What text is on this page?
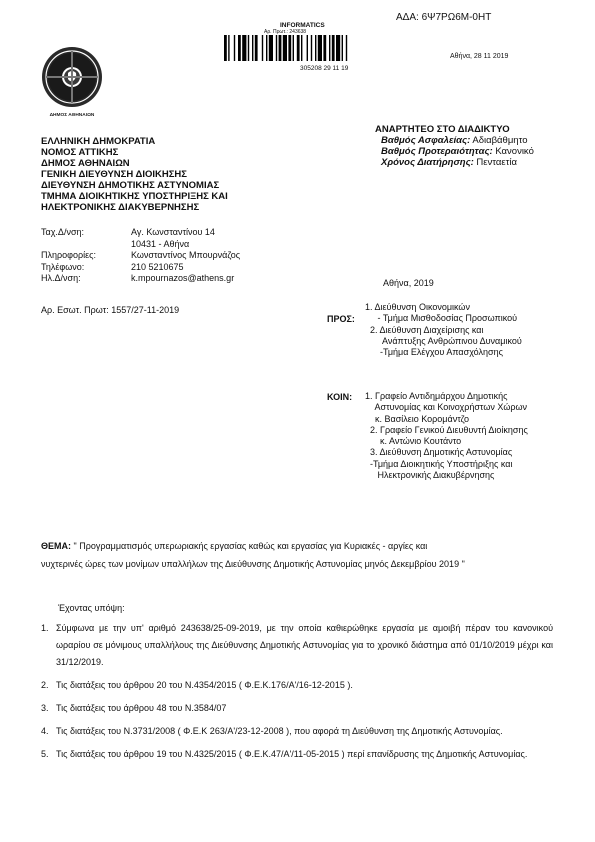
ΑΔΑ: 6Ψ7ΡΩ6Μ-0ΗΤ
INFORMATICS
Αρ. Πρωτ.: 243638
305208 29 11 19
Αθήνα, 28 11 2019
ΔΗΜΟΣ ΑΘΗΝΑΙΩΝ
ΕΛΛΗΝΙΚΗ ΔΗΜΟΚΡΑΤΙΑ
ΝΟΜΟΣ ΑΤΤΙΚΗΣ
ΔΗΜΟΣ ΑΘΗΝΑΙΩΝ
ΓΕΝΙΚΗ ΔΙΕΥΘΥΝΣΗ ΔΙΟΙΚΗΣΗΣ
ΔΙΕΥΘΥΝΣΗ ΔΗΜΟΤΙΚΗΣ ΑΣΤΥΝΟΜΙΑΣ
ΤΜΗΜΑ ΔΙΟΙΚΗΤΙΚΗΣ ΥΠΟΣΤΗΡΙΞΗΣ ΚΑΙ
ΗΛΕΚΤΡΟΝΙΚΗΣ ΔΙΑΚΥΒΕΡΝΗΣΗΣ
ΑΝΑΡΤΗΤΕΟ ΣΤΟ ΔΙΑΔΙΚΤΥΟ
Βαθμός Ασφαλείας: Αδιαβάθμητο
Βαθμός Προτεραιότητας: Κανονικό
Χρόνος Διατήρησης: Πενταετία
Ταχ.Δ/νση:	Αγ. Κωνσταντίνου 14
10431 - Αθήνα
Πληροφορίες:	Κωνσταντίνος Μπουρνάζος
Τηλέφωνο:	210 5210675
Ηλ.Δ/νση:	k.mpournazos@athens.gr	Αθήνα, 2019
Αρ. Εσωτ. Πρωτ: 1557/27-11-2019
ΠΡΟΣ:
1. Διεύθυνση Οικονομικών
- Τμήμα Μισθοδοσίας Προσωπικού
2. Διεύθυνση Διαχείρισης και
Ανάπτυξης Ανθρώπινου Δυναμικού
-Τμήμα Ελέγχου Απασχόλησης
ΚΟΙΝ: 1. Γραφείο Αντιδημάρχου Δημοτικής
Αστυνομίας και Κοινοχρήστων Χώρων
κ. Βασίλειο Κορομάντζο
2. Γραφείο Γενικού Διευθυντή Διοίκησης
κ. Αντώνιο Κουτάντο
3. Διεύθυνση Δημοτικής Αστυνομίας
-Τμήμα Διοικητικής Υποστήριξης και
Ηλεκτρονικής Διακυβέρνησης
ΘΕΜΑ: " Προγραμματισμός υπερωριακής εργασίας καθώς και εργασίας για Κυριακές - αργίες και
νυχτερινές ώρες των μονίμων υπαλλήλων της Διεύθυνσης Δημοτικής Αστυνομίας μηνός Δεκεμβρίου 2019 "
Έχοντας υπόψη:
1. Σύμφωνα με την υπ' αριθμό 243638/25-09-2019, με την οποία καθιερώθηκε εργασία με αμοιβή πέραν του κανονικού ωραρίου σε μόνιμους υπαλλήλους της Διεύθυνσης Δημοτικής Αστυνομίας για το χρονικό διάστημα από 01/10/2019 μέχρι και 31/12/2019.
2. Τις διατάξεις του άρθρου 20 του Ν.4354/2015 ( Φ.Ε.Κ.176/Α'/16-12-2015 ).
3. Τις διατάξεις του άρθρου 48 του Ν.3584/07
4. Τις διατάξεις του Ν.3731/2008 ( Φ.Ε.Κ 263/Α'/23-12-2008 ), που αφορά τη Διεύθυνση της Δημοτικής Αστυνομίας.
5. Τις διατάξεις του άρθρου 19 του Ν.4325/2015 ( Φ.Ε.Κ.47/Α'/11-05-2015 ) περί επανίδρυσης της Δημοτικής Αστυνομίας.
